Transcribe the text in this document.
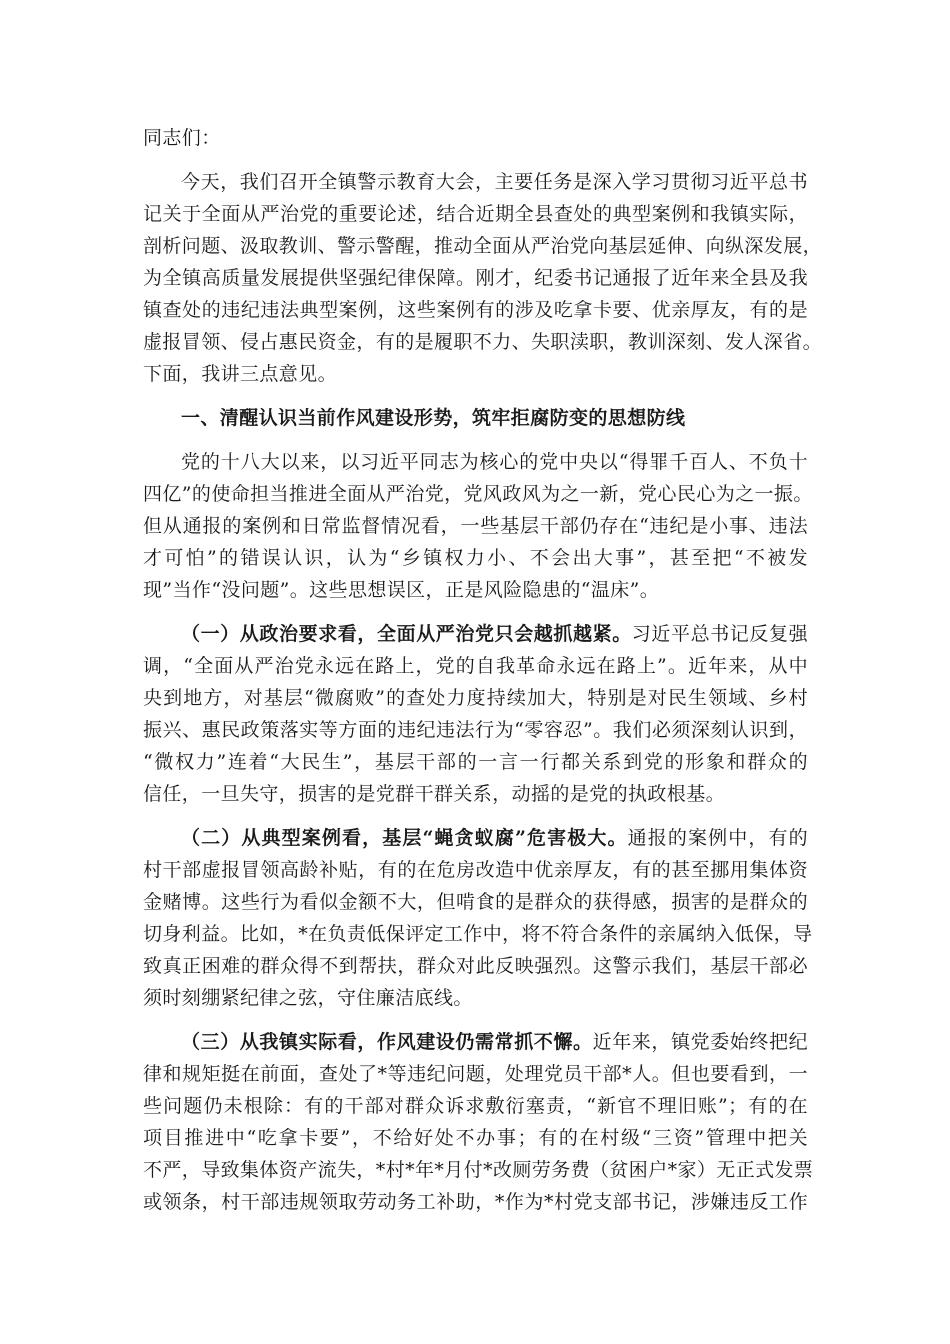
同志们：
今天，我们召开全镇警示教育大会，主要任务是深入学习贯彻习近平总书
记关于全面从严治党的重要论述，结合近期全县查处的典型案例和我镇实际，
剖析问题、汲取教训、警示警醒，推动全面从严治党向基层延伸、向纵深发展，
为全镇高质量发展提供坚强纪律保障。刚才，纪委书记通报了近年来全县及我
镇查处的违纪违法典型案例，这些案例有的涉及吃拿卡要、优亲厚友，有的是
虚报冒领、侵占惠民资金，有的是履职不力、失职渎职，教训深刻、发人深省。
下面，我讲三点意见。
一、清醒认识当前作风建设形势，筑牢拒腐防变的思想防线
党的十八大以来，以习近平同志为核心的党中央以“得罪千百人、不负十
四亿”的使命担当推进全面从严治党，党风政风为之一新，党心民心为之一振。
但从通报的案例和日常监督情况看，一些基层干部仍存在“违纪是小事、违法
才可怕”的错误认识，认为“乡镇权力小、不会出大事”，甚至把“不被发
现”当作“没问题”。这些思想误区，正是风险隐患的“温床”。
（一）从政治要求看，全面从严治党只会越抓越紧。习近平总书记反复强
调，“全面从严治党永远在路上，党的自我革命永远在路上”。近年来，从中
央到地方，对基层“微腐败”的查处力度持续加大，特别是对民生领域、乡村
振兴、惠民政策落实等方面的违纪违法行为“零容忍”。我们必须深刻认识到，
“微权力”连着“大民生”，基层干部的一言一行都关系到党的形象和群众的
信任，一旦失守，损害的是党群干群关系，动摇的是党的执政根基。
（二）从典型案例看，基层“蝇贪蚁腐”危害极大。通报的案例中，有的
村干部虚报冒领高龄补贴，有的在危房改造中优亲厚友，有的甚至挪用集体资
金赌博。这些行为看似金额不大，但啃食的是群众的获得感，损害的是群众的
切身利益。比如，*在负责低保评定工作中，将不符合条件的亲属纳入低保，导
致真正困难的群众得不到帮扶，群众对此反映强烈。这警示我们，基层干部必
须时刻绷紧纪律之弦，守住廉洁底线。
（三）从我镇实际看，作风建设仍需常抓不懈。近年来，镇党委始终把纪
律和规矩挺在前面，查处了*等违纪问题，处理党员干部*人。但也要看到，一
些问题仍未根除：有的干部对群众诉求敷衍塞责，“新官不理旧账”；有的在
项目推进中“吃拿卡要”，不给好处不办事；有的在村级“三资”管理中把关
不严，导致集体资产流失，*村*年*月付*改厕劳务费（贫困户*家）无正式发票
或领条，村干部违规领取劳动务工补助，*作为*村党支部书记，涉嫌违反工作
